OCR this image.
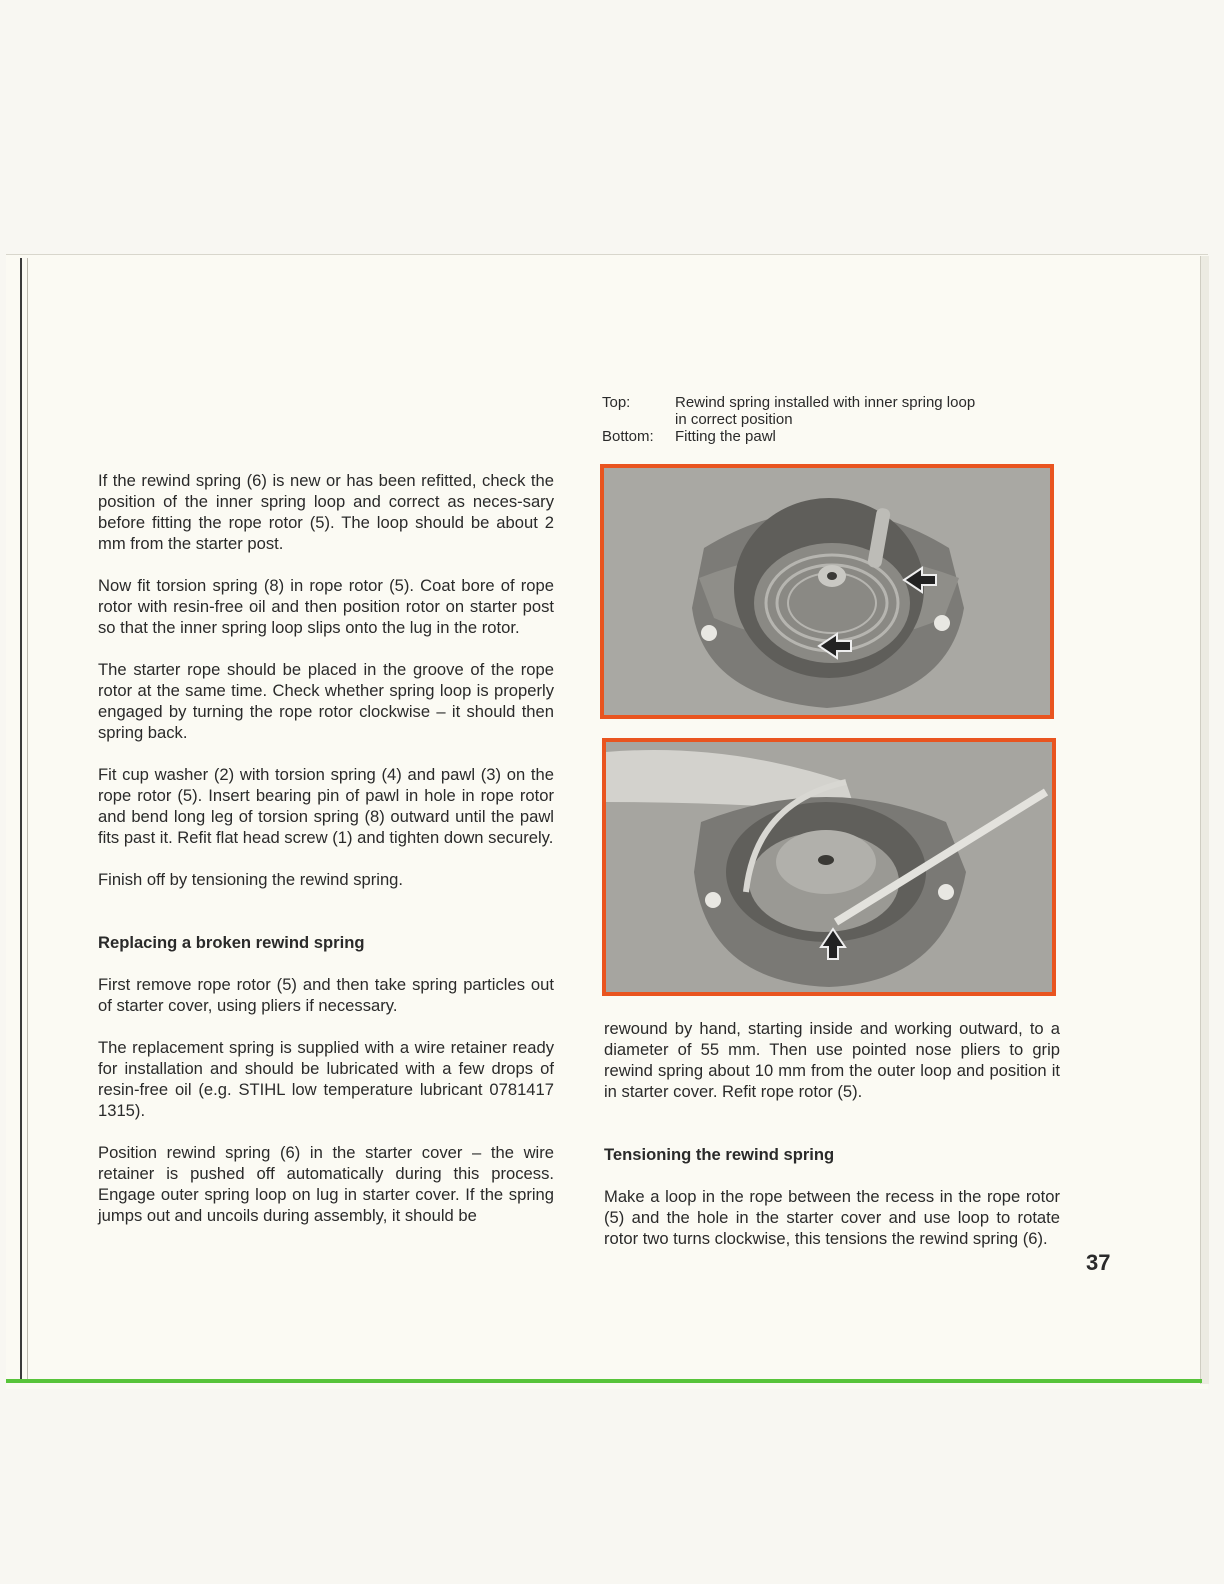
Top:	Rewind spring installed with inner spring loop
in correct position
Bottom:	Fitting the pawl

If the rewind spring (6) is new or has been refitted, check the position of the inner spring loop and correct as neces-sary before fitting the rope rotor (5). The loop should be about 2 mm from the starter post.

Now fit torsion spring (8) in rope rotor (5). Coat bore of rope rotor with resin-free oil and then position rotor on starter post so that the inner spring loop slips onto the lug in the rotor.

The starter rope should be placed in the groove of the rope rotor at the same time. Check whether spring loop is properly engaged by turning the rope rotor clockwise – it should then spring back.

Fit cup washer (2) with torsion spring (4) and pawl (3) on the rope rotor (5). Insert bearing pin of pawl in hole in rope rotor and bend long leg of torsion spring (8) outward until the pawl fits past it. Refit flat head screw (1) and tighten down securely.

Finish off by tensioning the rewind spring.

Replacing a broken rewind spring

First remove rope rotor (5) and then take spring particles out of starter cover, using pliers if necessary.

The replacement spring is supplied with a wire retainer ready for installation and should be lubricated with a few drops of resin-free oil (e.g. STIHL low temperature lubricant 0781417 1315).

Position rewind spring (6) in the starter cover – the wire retainer is pushed off automatically during this process. Engage outer spring loop on lug in starter cover. If the spring jumps out and uncoils during assembly, it should be

rewound by hand, starting inside and working outward, to a diameter of 55 mm. Then use pointed nose pliers to grip rewind spring about 10 mm from the outer loop and position it in starter cover. Refit rope rotor (5).

Tensioning the rewind spring

Make a loop in the rope between the recess in the rope rotor (5) and the hole in the starter cover and use loop to rotate rotor two turns clockwise, this tensions the rewind spring (6).

37
